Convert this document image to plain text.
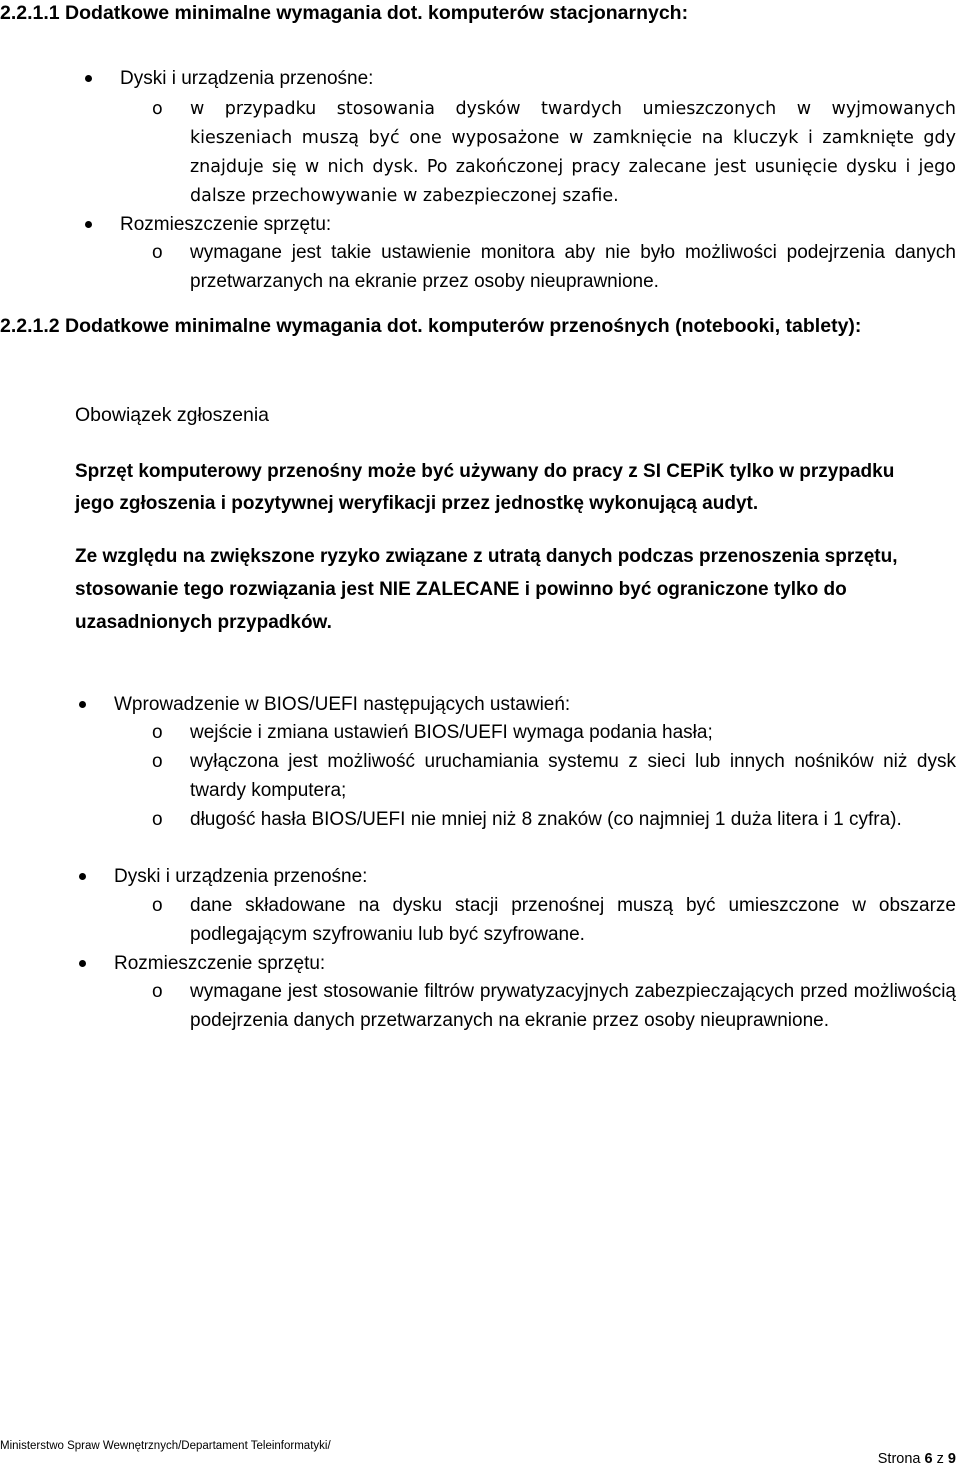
2.2.1.1 Dodatkowe minimalne wymagania dot. komputerów stacjonarnych:

Dyski i urządzenia przenośne:

o w przypadku stosowania dysków twardych umieszczonych w wyjmowanych kieszeniach muszą być one wyposażone w zamknięcie na kluczyk i zamknięte gdy znajduje się w nich dysk. Po zakończonej pracy zalecane jest usunięcie dysku i jego dalsze przechowywanie w zabezpieczonej szafie.

Rozmieszczenie sprzętu:

o wymagane jest takie ustawienie monitora aby nie było możliwości podejrzenia danych przetwarzanych na ekranie przez osoby nieuprawnione.

2.2.1.2 Dodatkowe minimalne wymagania dot. komputerów przenośnych (notebooki, tablety):

Obowiązek zgłoszenia

Sprzęt komputerowy przenośny może być używany do pracy z SI CEPiK tylko w przypadku jego zgłoszenia i pozytywnej weryfikacji przez jednostkę wykonującą audyt.

Ze względu na zwiększone ryzyko związane z utratą danych podczas przenoszenia sprzętu, stosowanie tego rozwiązania jest NIE ZALECANE i powinno być ograniczone tylko do uzasadnionych przypadków.

Wprowadzenie w BIOS/UEFI następujących ustawień:

o wejście i zmiana ustawień BIOS/UEFI wymaga podania hasła;

o wyłączona jest możliwość uruchamiania systemu z sieci lub innych nośników niż dysk twardy komputera;

o długość hasła BIOS/UEFI nie mniej niż 8 znaków (co najmniej 1 duża litera i 1 cyfra).

Dyski i urządzenia przenośne:

o dane składowane na dysku stacji przenośnej muszą być umieszczone w obszarze podlegającym szyfrowaniu lub być szyfrowane.

Rozmieszczenie sprzętu:

o wymagane jest stosowanie filtrów prywatyzacyjnych zabezpieczających przed możliwością podejrzenia danych przetwarzanych na ekranie przez osoby nieuprawnione.

Ministerstwo Spraw Wewnętrznych/Departament Teleinformatyki/
Strona 6 z 9
